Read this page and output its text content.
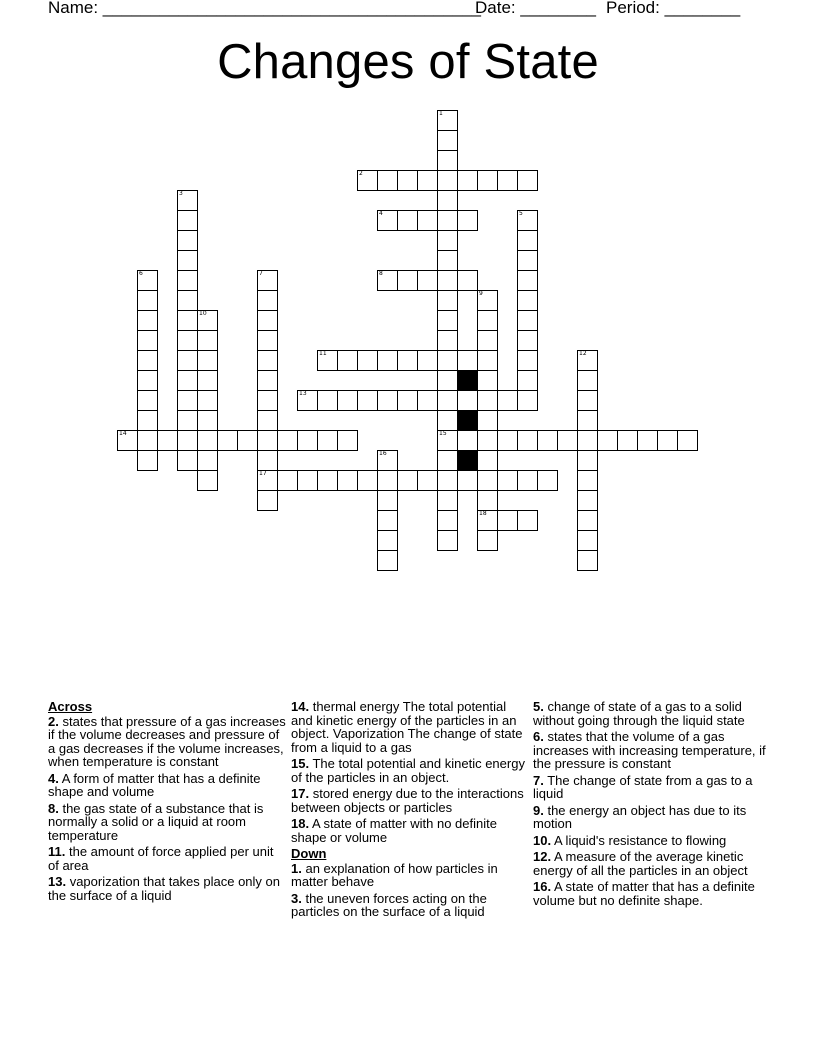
Name: ________________________________________
Date: ________ Period: ________
Changes of State
1
2
3
4	5
6	7	8
9
10
11	12
13
14	15
16
17
18
Across
2. states that pressure of a gas increases if the volume decreases and pressure of a gas decreases if the volume increases, when temperature is constant
4. A form of matter that has a definite shape and volume
8. the gas state of a substance that is normally a solid or a liquid at room temperature
11. the amount of force applied per unit of area
13. vaporization that takes place only on the surface of a liquid
14. thermal energy The total potential and kinetic energy of the particles in an object. Vaporization The change of state from a liquid to a gas
15. The total potential and kinetic energy of the particles in an object.
17. stored energy due to the interactions between objects or particles
18. A state of matter with no definite shape or volume
Down
1. an explanation of how particles in matter behave
3. the uneven forces acting on the particles on the surface of a liquid
5. change of state of a gas to a solid without going through the liquid state
6. states that the volume of a gas increases with increasing temperature, if the pressure is constant
7. The change of state from a gas to a liquid
9. the energy an object has due to its motion
10. A liquid's resistance to flowing
12. A measure of the average kinetic energy of all the particles in an object
16. A state of matter that has a definite volume but no definite shape.
